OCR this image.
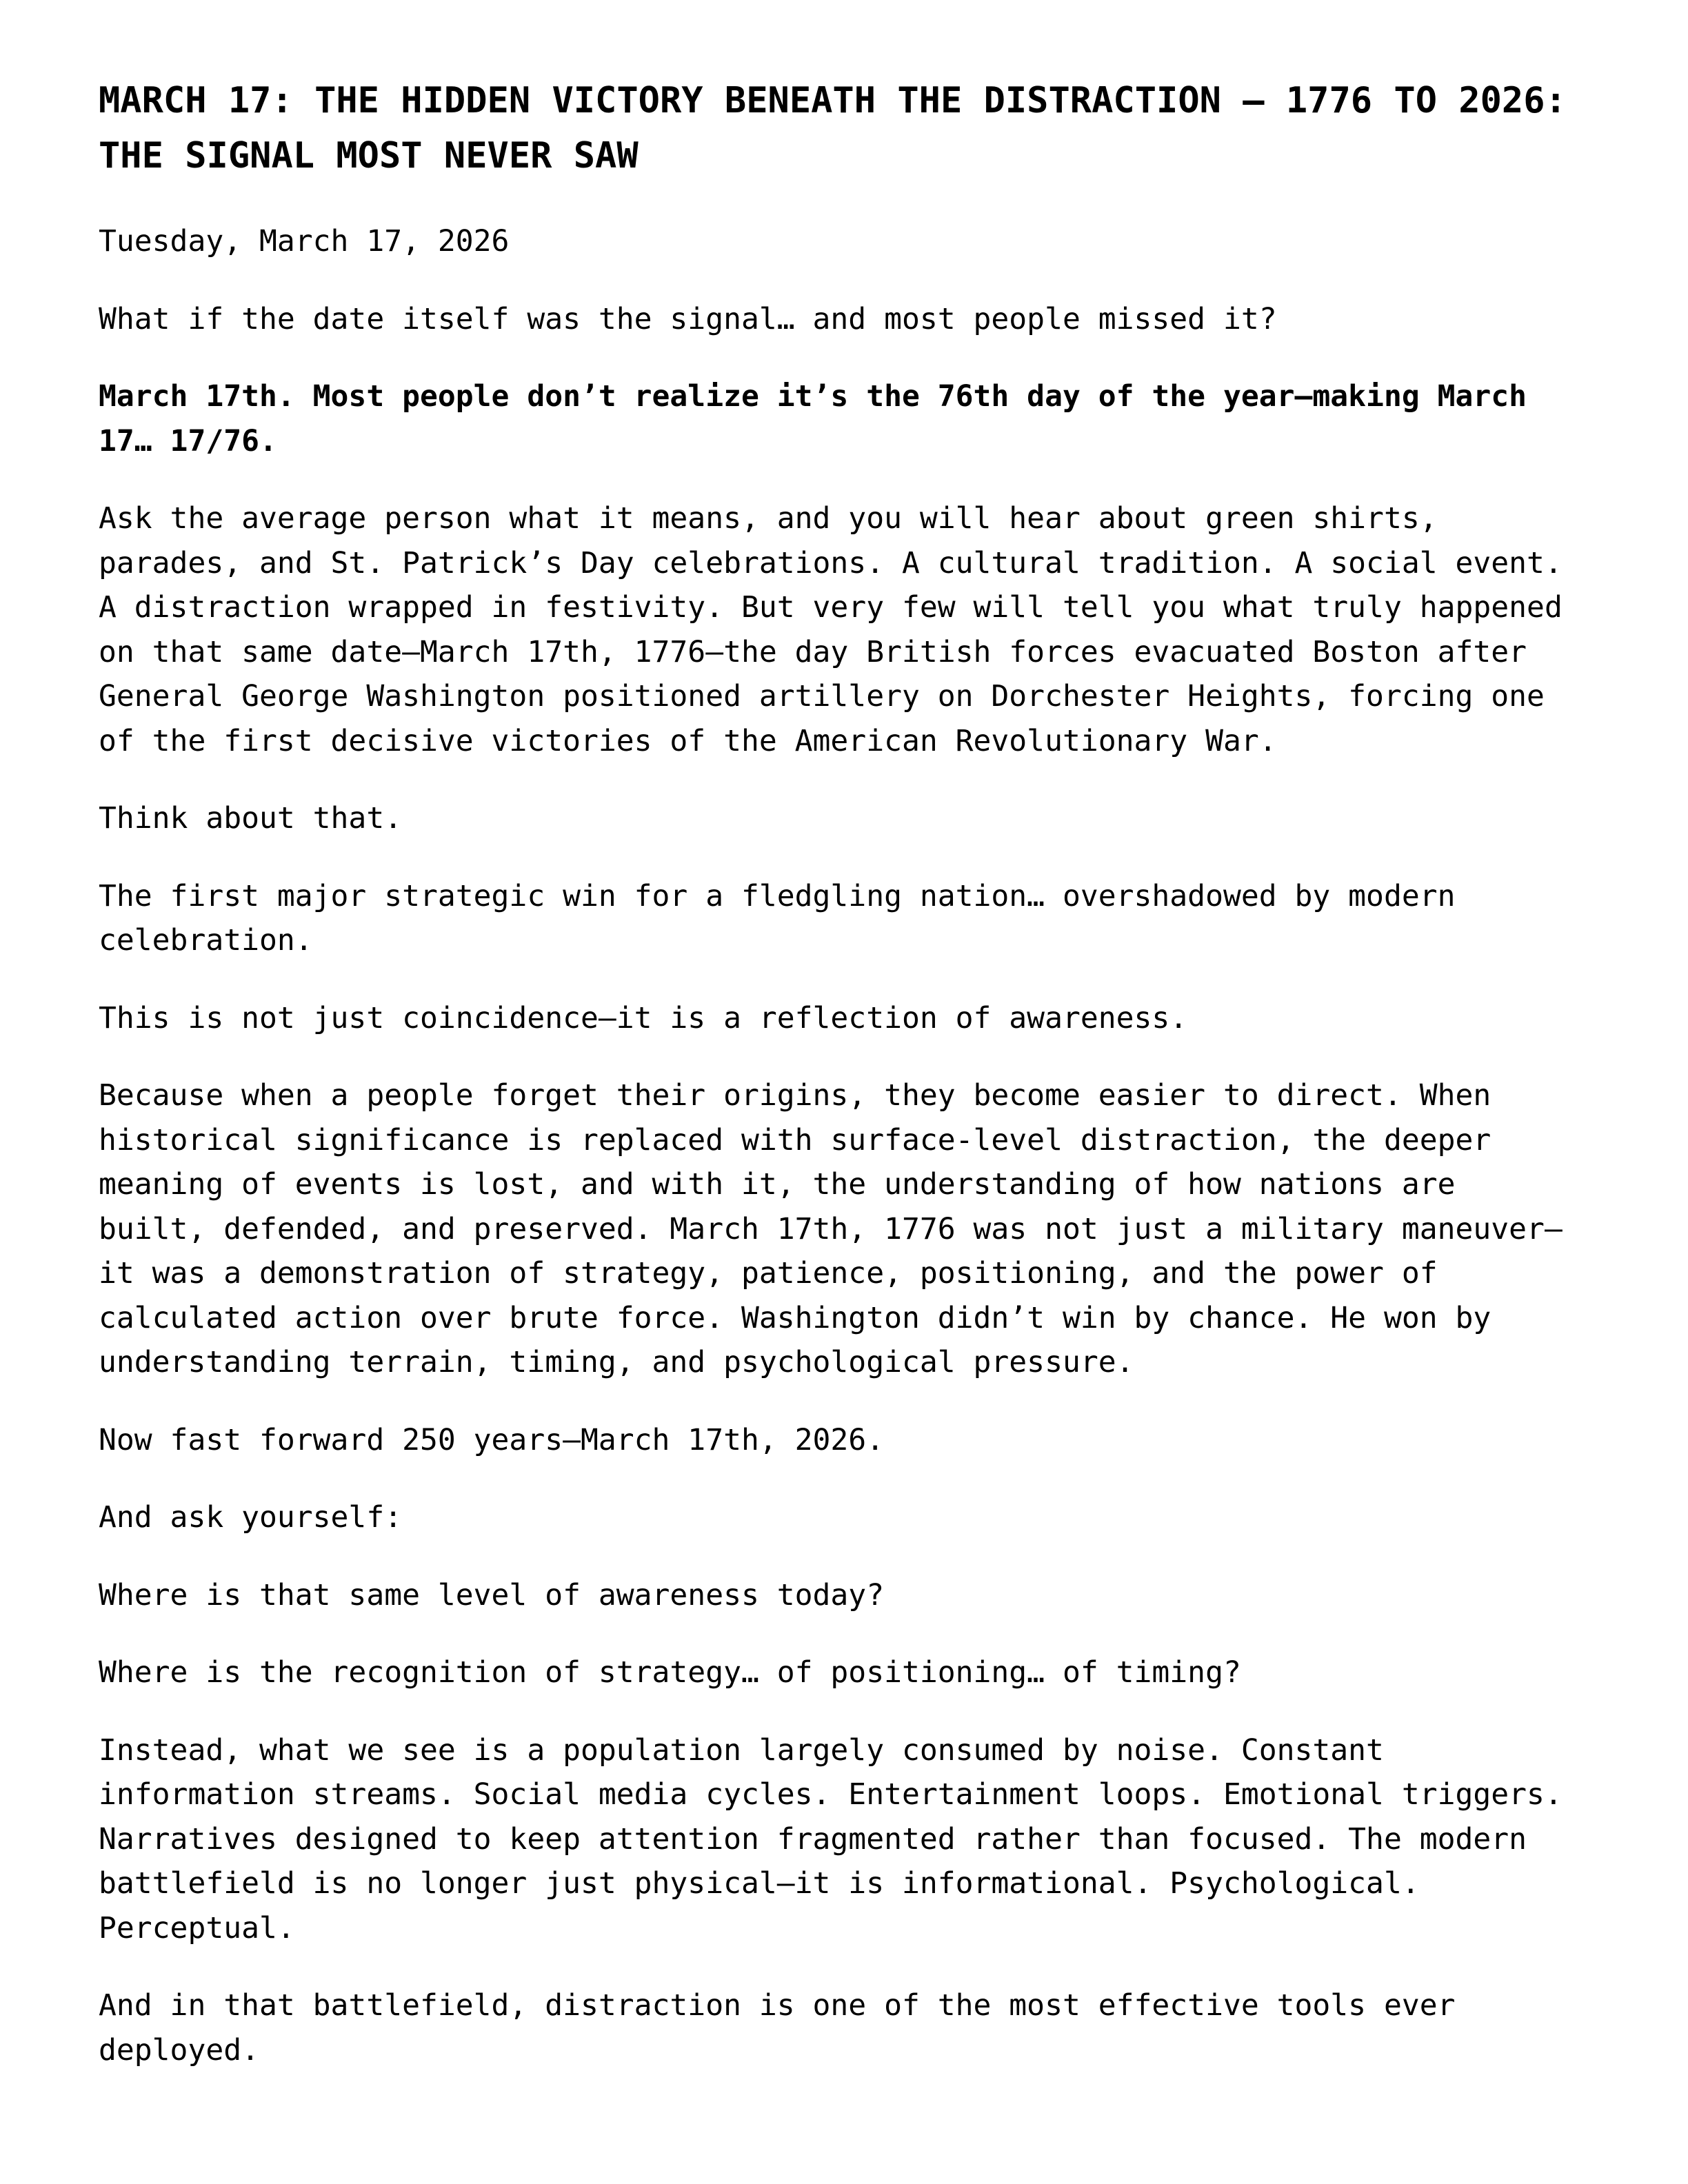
MARCH 17: THE HIDDEN VICTORY BENEATH THE DISTRACTION — 1776 TO 2026: THE SIGNAL MOST NEVER SAW

Tuesday, March 17, 2026

What if the date itself was the signal… and most people missed it?

March 17th. Most people don’t realize it’s the 76th day of the year—making March 17… 17/76.

Ask the average person what it means, and you will hear about green shirts, parades, and St. Patrick’s Day celebrations. A cultural tradition. A social event. A distraction wrapped in festivity. But very few will tell you what truly happened on that same date—March 17th, 1776—the day British forces evacuated Boston after General George Washington positioned artillery on Dorchester Heights, forcing one of the first decisive victories of the American Revolutionary War.

Think about that.

The first major strategic win for a fledgling nation… overshadowed by modern celebration.

This is not just coincidence—it is a reflection of awareness.

Because when a people forget their origins, they become easier to direct. When historical significance is replaced with surface-level distraction, the deeper meaning of events is lost, and with it, the understanding of how nations are built, defended, and preserved. March 17th, 1776 was not just a military maneuver—it was a demonstration of strategy, patience, positioning, and the power of calculated action over brute force. Washington didn’t win by chance. He won by understanding terrain, timing, and psychological pressure.

Now fast forward 250 years—March 17th, 2026.

And ask yourself:

Where is that same level of awareness today?

Where is the recognition of strategy… of positioning… of timing?

Instead, what we see is a population largely consumed by noise. Constant information streams. Social media cycles. Entertainment loops. Emotional triggers. Narratives designed to keep attention fragmented rather than focused. The modern battlefield is no longer just physical—it is informational. Psychological. Perceptual.

And in that battlefield, distraction is one of the most effective tools ever deployed.
